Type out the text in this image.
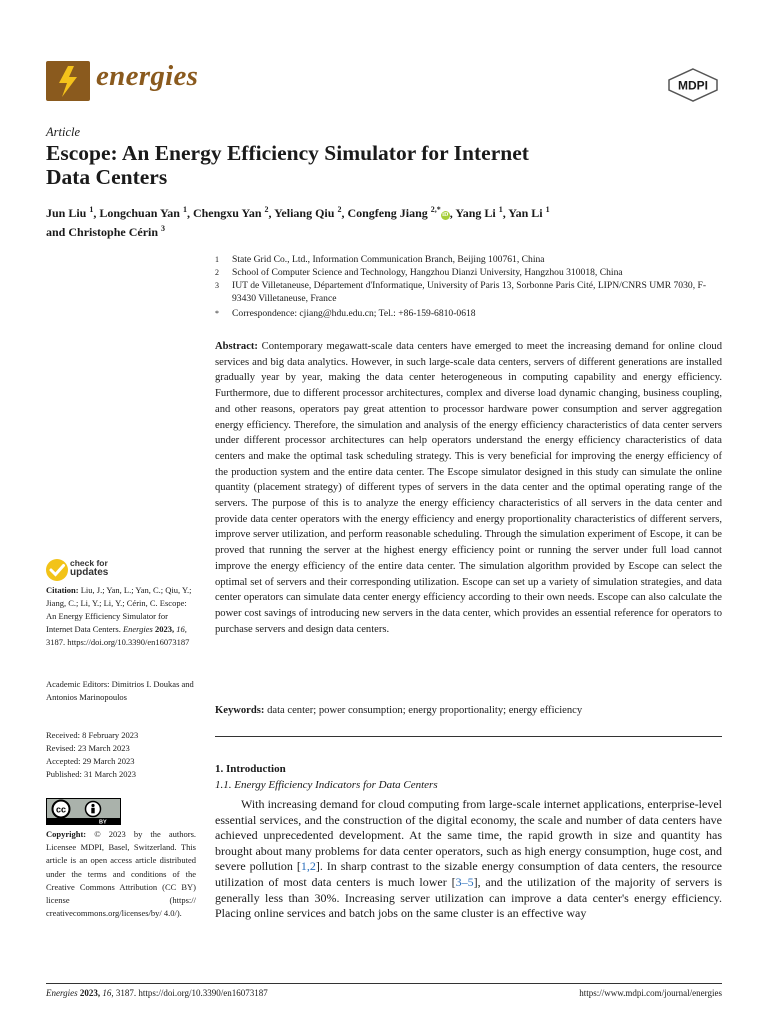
energies	MDPI
Article
Escope: An Energy Efficiency Simulator for Internet
Data Centers
Jun Liu $^1$, Longchuan Yan $^1$, Chengxu Yan $^2$, Yeliang Qiu $^2$, Congfeng Jiang $^{2,*}$iD , Yang Li $^1$, Yan Li $^1$
and Christophe Cérin $^3$
1 State Grid Co., Ltd., Information Communication Branch, Beijing 100761, China
2 School of Computer Science and Technology, Hangzhou Dianzi University, Hangzhou 310018, China
3 IUT de Villetaneuse, Département d'Informatique, University of Paris 13, Sorbonne Paris Cité, LIPN/CNRS UMR 7030, F-93430 Villetaneuse, France
* Correspondence: cjiang@hdu.edu.cn; Tel.: +86-159-6810-0618
Abstract: Contemporary megawatt-scale data centers have emerged to meet the increasing demand for online cloud services and big data analytics. However, in such large-scale data centers, servers of different generations are installed gradually year by year, making the data center heterogeneous in computing capability and energy efficiency. Furthermore, due to different processor architectures, complex and diverse load dynamic changing, business coupling, and other reasons, operators pay great attention to processor hardware power consumption and server aggregation energy efficiency. Therefore, the simulation and analysis of the energy efficiency characteristics of data center servers under different processor architectures can help operators understand the energy efficiency characteristics of data centers and make the optimal task scheduling strategy. This is very beneficial for improving the energy efficiency of the production system and the entire data center. The Escope simulator designed in this study can simulate the online quantity (placement strategy) of different types of servers in the data center and the optimal operating range of the servers. The purpose of this is to analyze the energy efficiency characteristics of all servers in the data center and provide data center operators with the energy efficiency and energy proportionality characteristics of different servers, improve server utilization, and perform reasonable scheduling. Through the simulation experiment of Escope, it can be proved that running the server at the highest energy efficiency point or running the server under full load cannot improve the energy efficiency of the entire data center. The simulation algorithm provided by Escope can select the optimal set of servers and their corresponding utilization. Escope can set up a variety of simulation strategies, and data center operators can simulate data center energy efficiency according to their own needs. Escope can also calculate the power cost savings of introducing new servers in the data center, which provides an essential reference for operators to purchase servers and design data centers.
Keywords: data center; power consumption; energy proportionality; energy efficiency
1. Introduction
1.1. Energy Efficiency Indicators for Data Centers
With increasing demand for cloud computing from large-scale internet applications, enterprise-level essential services, and the construction of the digital economy, the scale and number of data centers have achieved unprecedented development. At the same time, the rapid growth in size and quantity has brought about many problems for data center operators, such as high energy consumption, huge cost, and severe pollution [1,2]. In sharp contrast to the sizable energy consumption of data centers, the resource utilization of most data centers is much lower [3–5], and the utilization of the majority of servers is generally less than 30%. Increasing server utilization can improve a data center's energy efficiency. Placing online services and batch jobs on the same cluster is an effective way
check for
updates
Citation: Liu, J.; Yan, L.; Yan, C.; Qiu, Y.; Jiang, C.; Li, Y.; Li, Y.; Cérin, C. Escope: An Energy Efficiency Simulator for Internet Data Centers. Energies 2023, 16, 3187. https://doi.org/10.3390/en16073187
Academic Editors: Dimitrios I. Doukas and Antonios Marinopoulos
Received: 8 February 2023
Revised: 23 March 2023
Accepted: 29 March 2023
Published: 31 March 2023
cc
BY
Copyright: © 2023 by the authors. Licensee MDPI, Basel, Switzerland. This article is an open access article distributed under the terms and conditions of the Creative Commons Attribution (CC BY) license (https:// creativecommons.org/licenses/by/ 4.0/).
Energies 2023, 16, 3187. https://doi.org/10.3390/en16073187	https://www.mdpi.com/journal/energies
